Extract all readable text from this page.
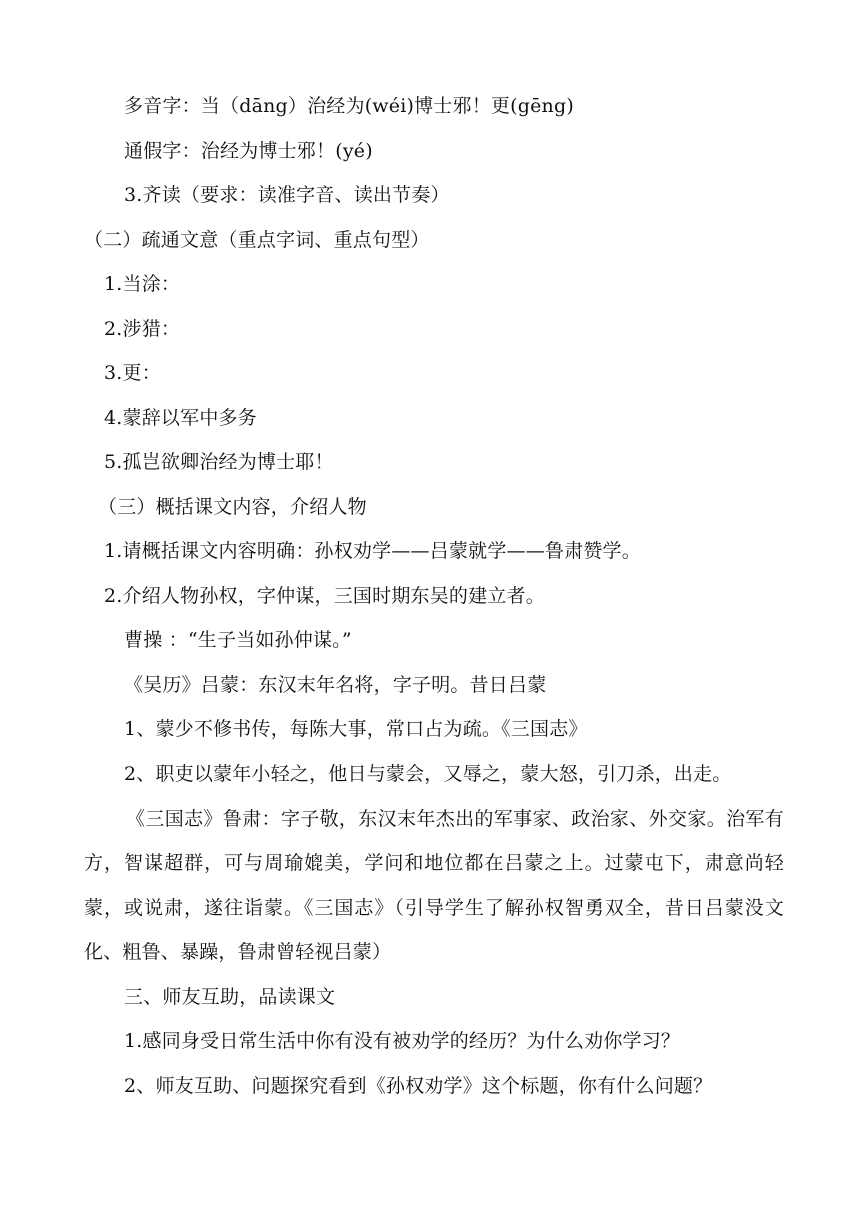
多音字：当（dāng）治经为(wéi)博士邪！更(gēng)
通假字：治经为博士邪！(yé)
3.齐读（要求：读准字音、读出节奏）
（二）疏通文意（重点字词、重点句型）
1.当涂：
2.涉猎：
3.更：
4.蒙辞以军中多务
5.孤岂欲卿治经为博士耶！
（三）概括课文内容，介绍人物
1.请概括课文内容明确：孙权劝学——吕蒙就学——鲁肃赞学。
2.介绍人物孙权，字仲谋，三国时期东吴的建立者。
曹操 ：“生子当如孙仲谋。”
《吴历》吕蒙：东汉末年名将，字子明。昔日吕蒙
1、蒙少不修书传，每陈大事，常口占为疏。《三国志》
2、职吏以蒙年小轻之，他日与蒙会，又辱之，蒙大怒，引刀杀，出走。

《三国志》鲁肃：字子敬，东汉末年杰出的军事家、政治家、外交家。治军有方，智谋超群，可与周瑜媲美，学问和地位都在吕蒙之上。过蒙屯下，肃意尚轻蒙，或说肃，遂往诣蒙。《三国志》（引导学生了解孙权智勇双全，昔日吕蒙没文化、粗鲁、暴躁，鲁肃曾轻视吕蒙）

三、师友互助，品读课文
1.感同身受日常生活中你有没有被劝学的经历？为什么劝你学习？
2、师友互助、问题探究看到《孙权劝学》这个标题，你有什么问题？
